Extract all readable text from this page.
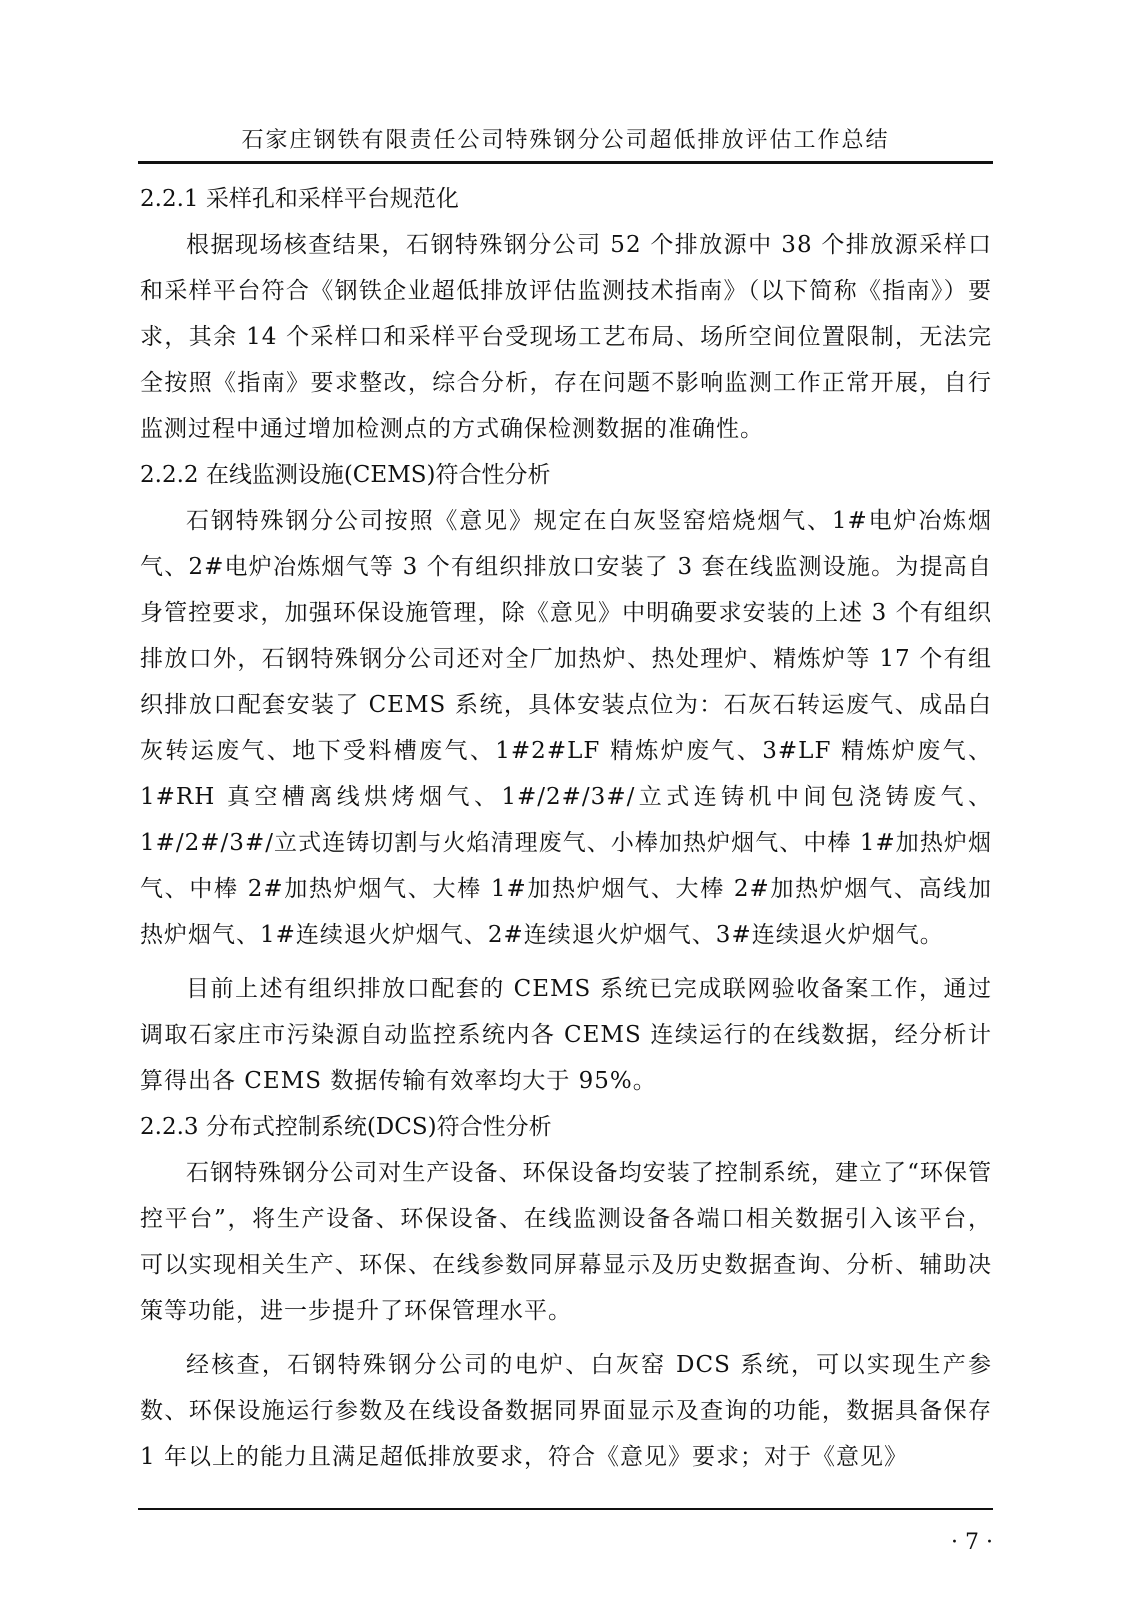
石家庄钢铁有限责任公司特殊钢分公司超低排放评估工作总结
2.2.1 采样孔和采样平台规范化

根据现场核查结果，石钢特殊钢分公司 52 个排放源中 38 个排放源采样口和采样平台符合《钢铁企业超低排放评估监测技术指南》（以下简称《指南》）要求，其余 14 个采样口和采样平台受现场工艺布局、场所空间位置限制，无法完全按照《指南》要求整改，综合分析，存在问题不影响监测工作正常开展，自行监测过程中通过增加检测点的方式确保检测数据的准确性。

2.2.2 在线监测设施(CEMS)符合性分析

石钢特殊钢分公司按照《意见》规定在白灰竖窑焙烧烟气、1#电炉冶炼烟气、2#电炉冶炼烟气等 3 个有组织排放口安装了 3 套在线监测设施。为提高自身管控要求，加强环保设施管理，除《意见》中明确要求安装的上述 3 个有组织排放口外，石钢特殊钢分公司还对全厂加热炉、热处理炉、精炼炉等 17 个有组织排放口配套安装了 CEMS 系统，具体安装点位为：石灰石转运废气、成品白灰转运废气、地下受料槽废气、1#2#LF 精炼炉废气、3#LF 精炼炉废气、1#RH 真空槽离线烘烤烟气、1#/2#/3#/立式连铸机中间包浇铸废气、1#/2#/3#/立式连铸切割与火焰清理废气、小棒加热炉烟气、中棒 1#加热炉烟气、中棒 2#加热炉烟气、大棒 1#加热炉烟气、大棒 2#加热炉烟气、高线加热炉烟气、1#连续退火炉烟气、2#连续退火炉烟气、3#连续退火炉烟气。

目前上述有组织排放口配套的 CEMS 系统已完成联网验收备案工作，通过调取石家庄市污染源自动监控系统内各 CEMS 连续运行的在线数据，经分析计算得出各 CEMS 数据传输有效率均大于 95%。

2.2.3 分布式控制系统(DCS)符合性分析

石钢特殊钢分公司对生产设备、环保设备均安装了控制系统，建立了“环保管控平台”，将生产设备、环保设备、在线监测设备各端口相关数据引入该平台，可以实现相关生产、环保、在线参数同屏幕显示及历史数据查询、分析、辅助决策等功能，进一步提升了环保管理水平。

经核查，石钢特殊钢分公司的电炉、白灰窑 DCS 系统，可以实现生产参数、环保设施运行参数及在线设备数据同界面显示及查询的功能，数据具备保存 1 年以上的能力且满足超低排放要求，符合《意见》要求；对于《意见》

· 7 ·
